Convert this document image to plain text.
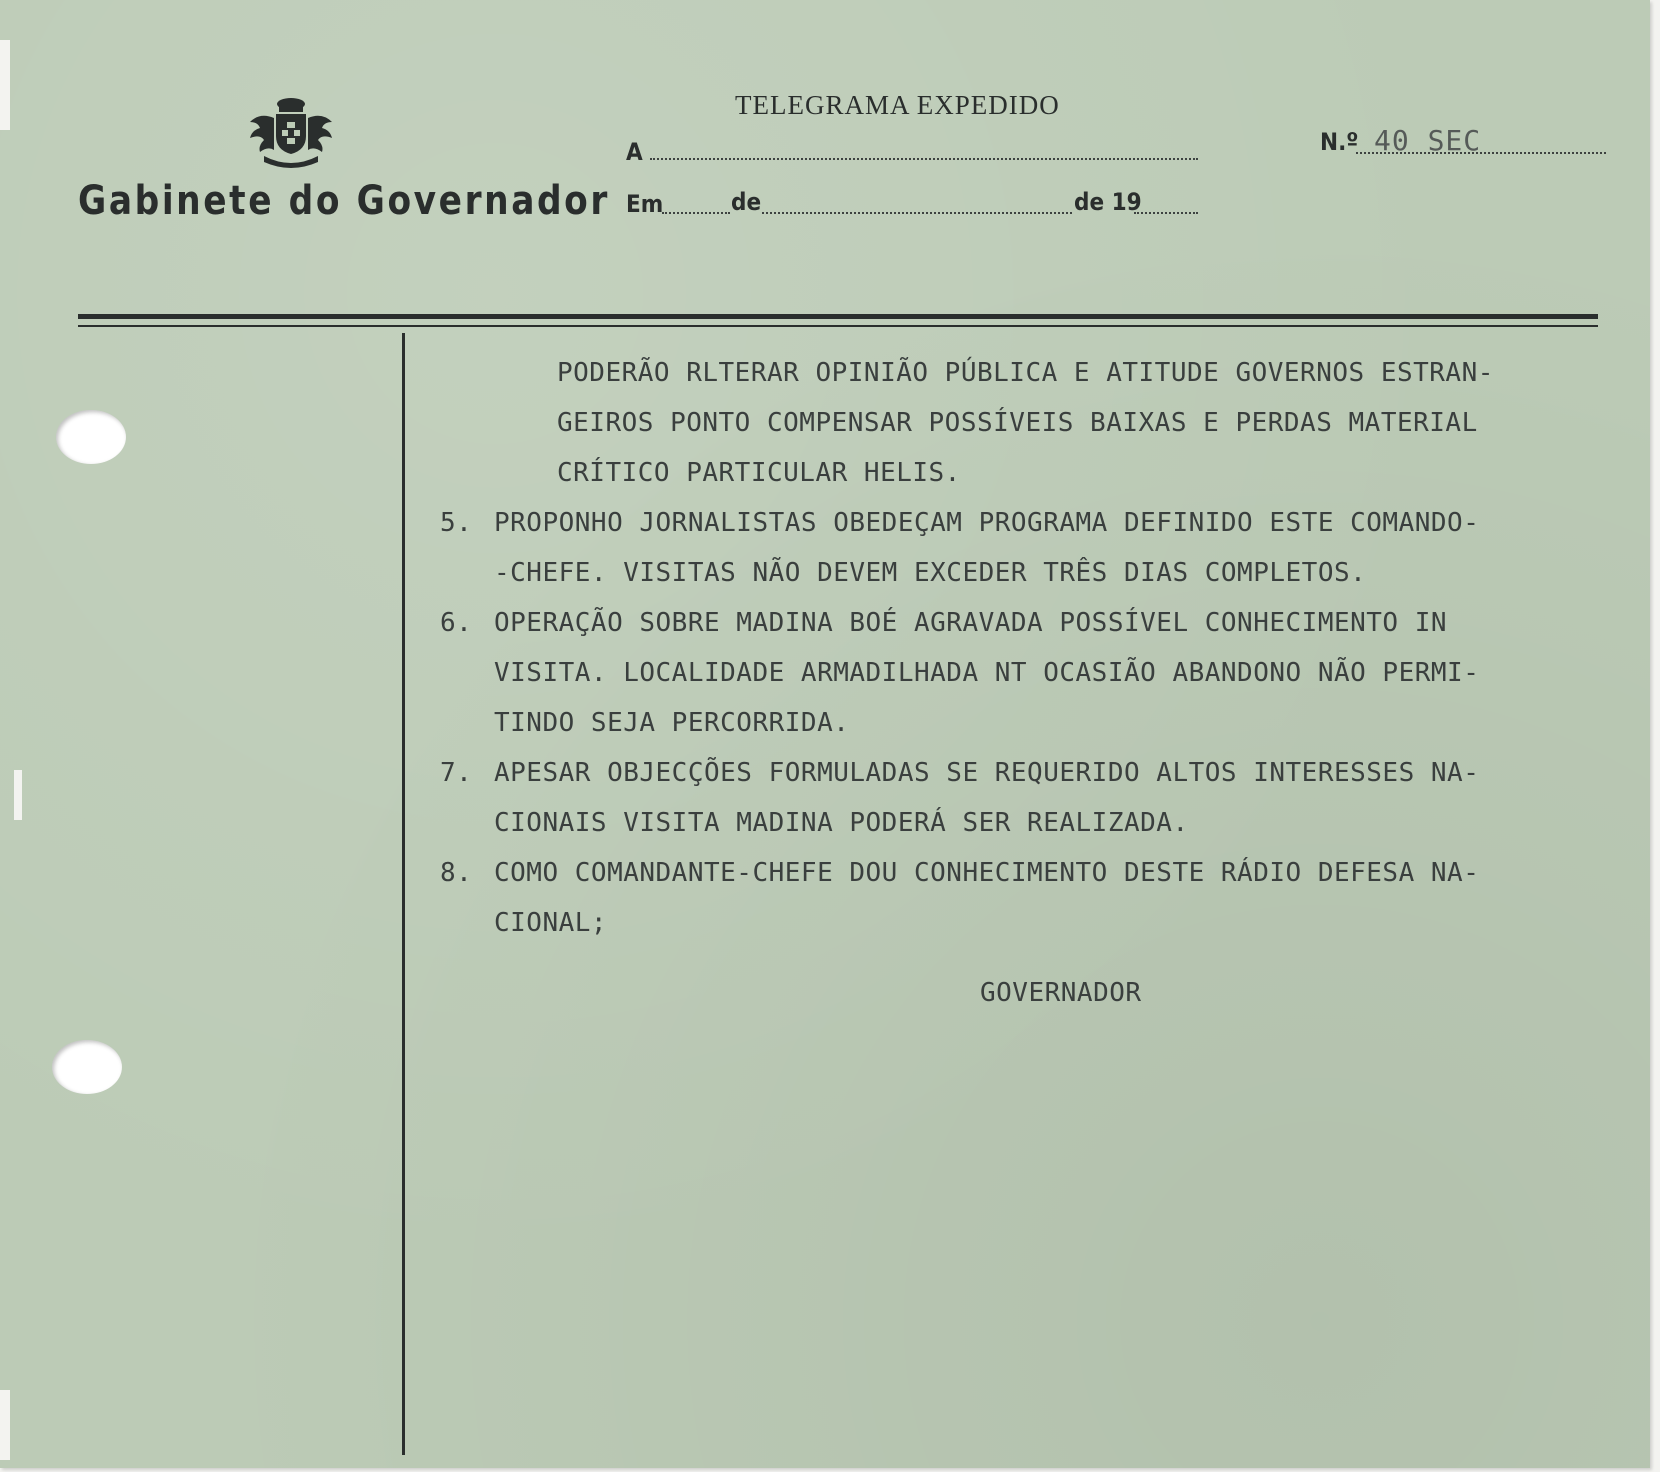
Gabinete do Governador
TELEGRAMA EXPEDIDO
A
Em	de	de 19
N.º 40 SEC
PODERÃO RLTERAR OPINIÃO PÚBLICA E ATITUDE GOVERNOS ESTRAN-
GEIROS PONTO COMPENSAR POSSÍVEIS BAIXAS E PERDAS MATERIAL
CRÍTICO PARTICULAR HELIS.
5. PROPONHO JORNALISTAS OBEDEÇAM PROGRAMA DEFINIDO ESTE COMANDO-
-CHEFE. VISITAS NÃO DEVEM EXCEDER TRÊS DIAS COMPLETOS.
6. OPERAÇÃO SOBRE MADINA BOÉ AGRAVADA POSSÍVEL CONHECIMENTO IN
VISITA. LOCALIDADE ARMADILHADA NT OCASIÃO ABANDONO NÃO PERMI-
TINDO SEJA PERCORRIDA.
7. APESAR OBJECÇÕES FORMULADAS SE REQUERIDO ALTOS INTERESSES NA-
CIONAIS VISITA MADINA PODERÁ SER REALIZADA.
8. COMO COMANDANTE-CHEFE DOU CONHECIMENTO DESTE RÁDIO DEFESA NA-
CIONAL;
GOVERNADOR
